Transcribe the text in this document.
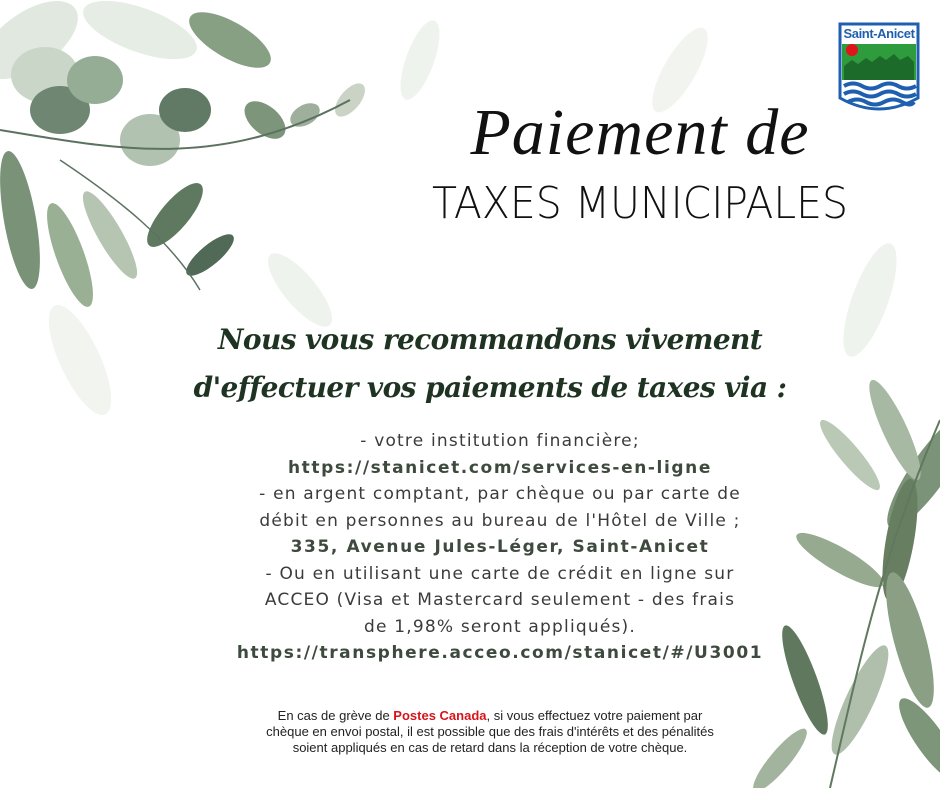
Saint-Anicet
Paiement de
TAXES MUNICIPALES
Nous vous recommandons vivement
d'effectuer vos paiements de taxes via :
- votre institution financière;
https://stanicet.com/services-en-ligne
- en argent comptant, par chèque ou par carte de
débit en personnes au bureau de l'Hôtel de Ville ;
335, Avenue Jules-Léger, Saint-Anicet
- Ou en utilisant une carte de crédit en ligne sur
ACCEO (Visa et Mastercard seulement - des frais
de 1,98% seront appliqués).
https://transphere.acceo.com/stanicet/#/U3001
En cas de grève de Postes Canada, si vous effectuez votre paiement par
chèque en envoi postal, il est possible que des frais d'intérêts et des pénalités
soient appliqués en cas de retard dans la réception de votre chèque.
